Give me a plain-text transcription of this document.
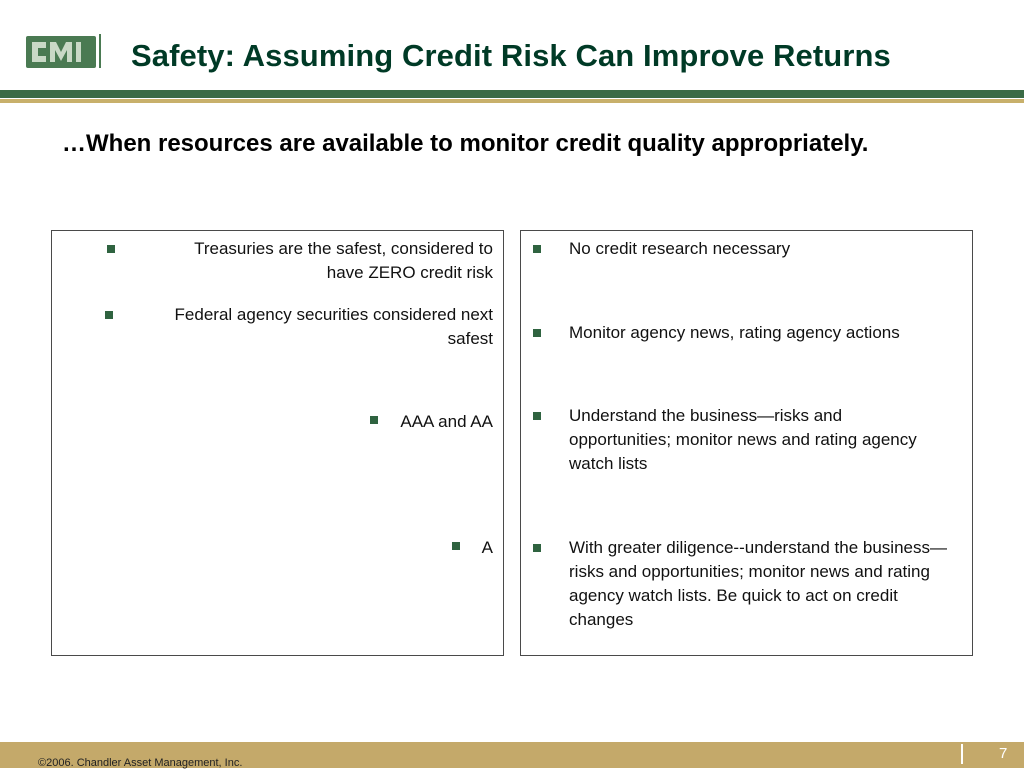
Safety: Assuming Credit Risk Can Improve Returns
…When resources are available to monitor credit quality appropriately.
Treasuries are the safest, considered to have ZERO credit risk
Federal agency securities considered next safest
AAA and AA
A
No credit research necessary
Monitor agency news, rating agency actions
Understand the business—risks and opportunities; monitor news and rating agency watch lists
With greater diligence--understand the business—risks and opportunities; monitor news and rating agency watch lists. Be quick to act on credit changes
7
©2006. Chandler Asset Management, Inc.
